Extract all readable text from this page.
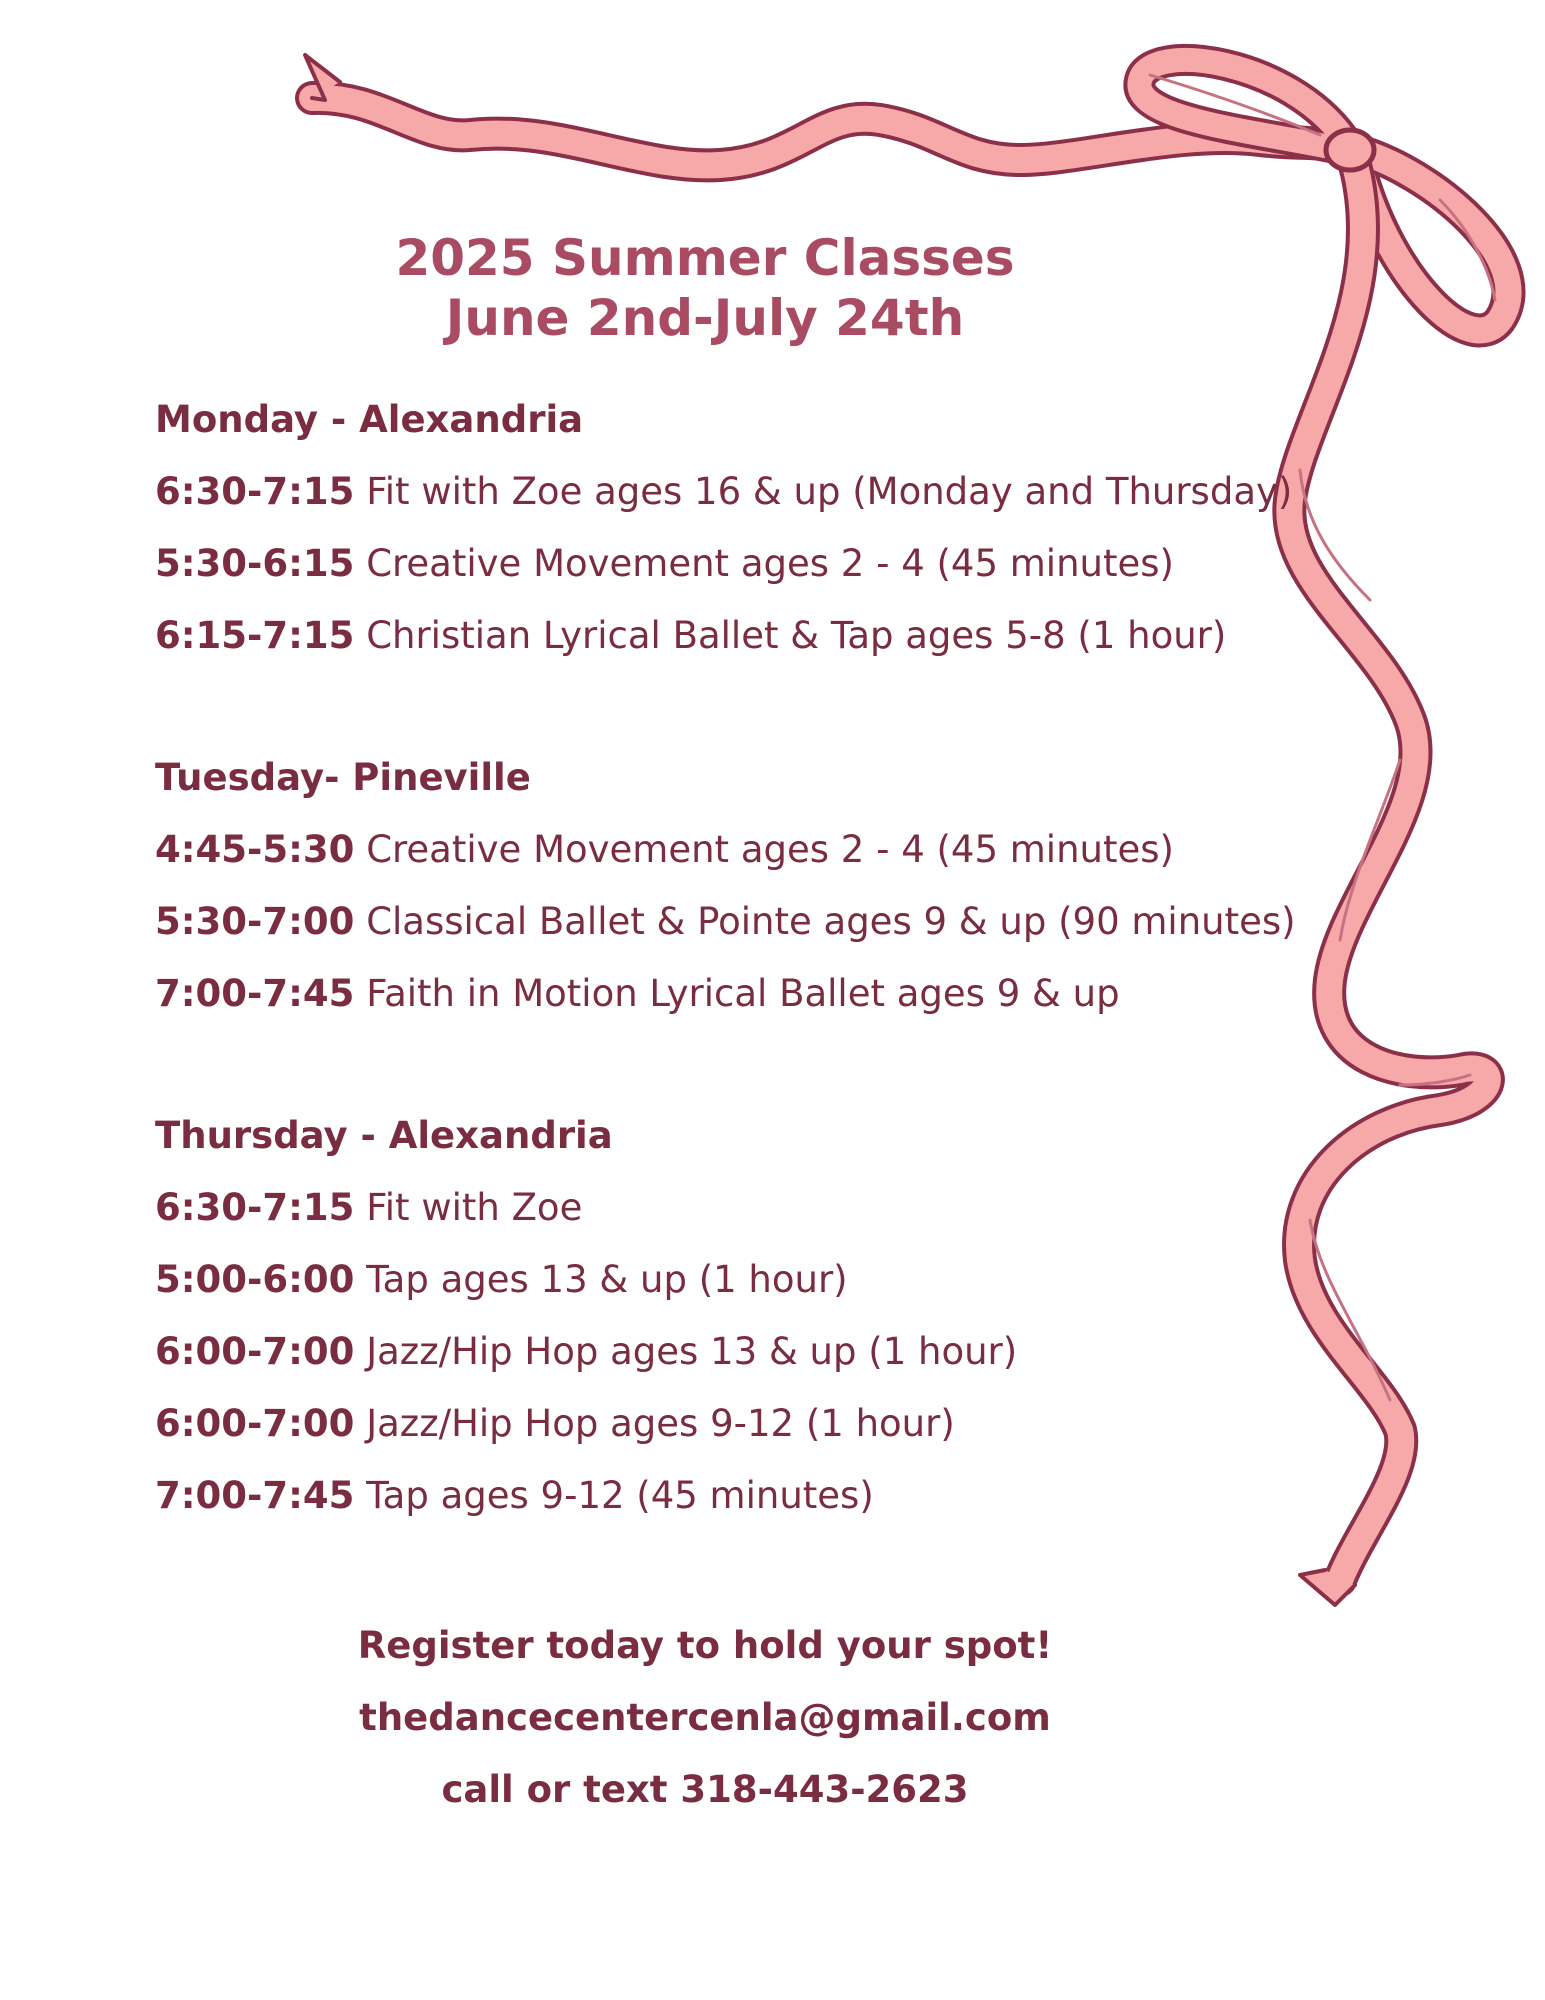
2025 Summer Classes
June 2nd-July 24th
Monday - Alexandria
6:30-7:15 Fit with Zoe ages 16 & up (Monday and Thursday)
5:30-6:15 Creative Movement ages 2 - 4 (45 minutes)
6:15-7:15 Christian Lyrical Ballet & Tap ages 5-8 (1 hour)
Tuesday- Pineville
4:45-5:30 Creative Movement ages 2 - 4 (45 minutes)
5:30-7:00 Classical Ballet & Pointe ages 9 & up (90 minutes)
7:00-7:45 Faith in Motion Lyrical Ballet ages 9 & up
Thursday - Alexandria
6:30-7:15 Fit with Zoe
5:00-6:00 Tap ages 13 & up (1 hour)
6:00-7:00 Jazz/Hip Hop ages 13 & up (1 hour)
6:00-7:00 Jazz/Hip Hop ages 9-12 (1 hour)
7:00-7:45 Tap ages 9-12 (45 minutes)
Register today to hold your spot!
thedancecentercenla@gmail.com
call or text 318-443-2623
